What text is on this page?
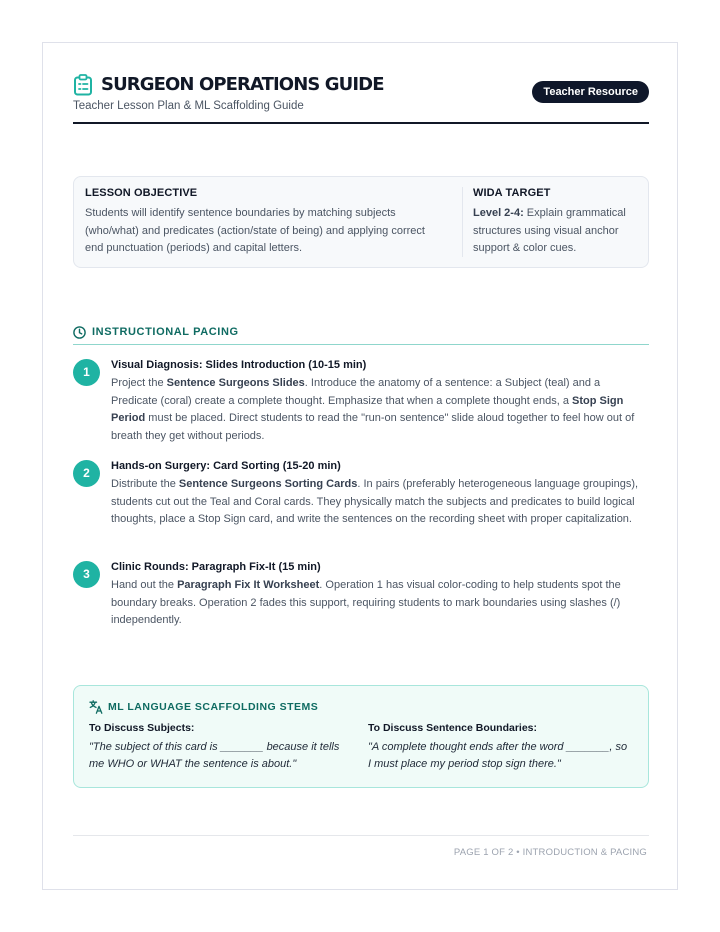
SURGEON OPERATIONS GUIDE
Teacher Lesson Plan & ML Scaffolding Guide
Teacher Resource
LESSON OBJECTIVE
Students will identify sentence boundaries by matching subjects (who/what) and predicates (action/state of being) and applying correct end punctuation (periods) and capital letters.
WIDA TARGET
Level 2-4: Explain grammatical structures using visual anchor support & color cues.
INSTRUCTIONAL PACING
1	Visual Diagnosis: Slides Introduction (10-15 min)
Project the Sentence Surgeons Slides. Introduce the anatomy of a sentence: a Subject (teal) and a Predicate (coral) create a complete thought. Emphasize that when a complete thought ends, a Stop Sign Period must be placed. Direct students to read the "run-on sentence" slide aloud together to feel how out of breath they get without periods.
2	Hands-on Surgery: Card Sorting (15-20 min)
Distribute the Sentence Surgeons Sorting Cards. In pairs (preferably heterogeneous language groupings), students cut out the Teal and Coral cards. They physically match the subjects and predicates to build logical thoughts, place a Stop Sign card, and write the sentences on the recording sheet with proper capitalization.
3	Clinic Rounds: Paragraph Fix-It (15 min)
Hand out the Paragraph Fix It Worksheet. Operation 1 has visual color-coding to help students spot the boundary breaks. Operation 2 fades this support, requiring students to mark boundaries using slashes (/) independently.
ML LANGUAGE SCAFFOLDING STEMS
To Discuss Subjects:
"The subject of this card is _______ because it tells me WHO or WHAT the sentence is about."
To Discuss Sentence Boundaries:
"A complete thought ends after the word _______, so I must place my period stop sign there."
PAGE 1 OF 2 • INTRODUCTION & PACING
